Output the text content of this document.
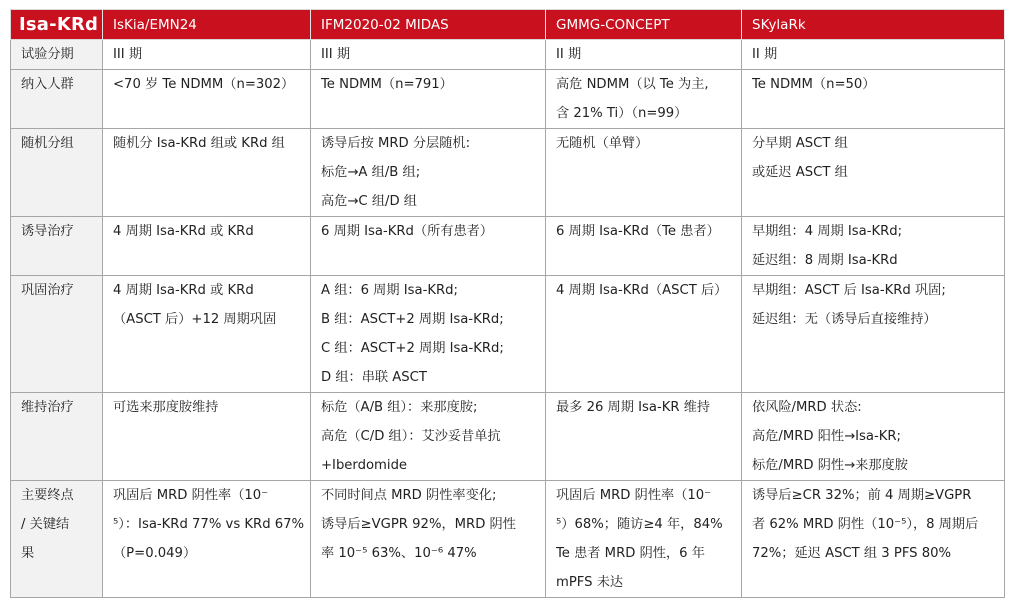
Isa-KRd	IsKia/EMN24	IFM2020-02 MIDAS	GMMG-CONCEPT	SKylaRk

试验分期	III 期	III 期	II 期	II 期

纳入人群	<70 岁 Te NDMM（n=302）	Te NDMM（n=791）	高危 NDMM（以 Te 为主,
含 21% Ti）（n=99）	Te NDMM（n=50）

随机分组	随机分 Isa-KRd 组或 KRd 组	诱导后按 MRD 分层随机:
标危→A 组/B 组;
高危→C 组/D 组	无随机（单臂）	分早期 ASCT 组
或延迟 ASCT 组

诱导治疗	4 周期 Isa-KRd 或 KRd	6 周期 Isa-KRd（所有患者）	6 周期 Isa-KRd（Te 患者）	早期组：4 周期 Isa-KRd;
延迟组：8 周期 Isa-KRd

巩固治疗	4 周期 Isa-KRd 或 KRd
（ASCT 后）+12 周期巩固	A 组：6 周期 Isa-KRd;
B 组：ASCT+2 周期 Isa-KRd;
C 组：ASCT+2 周期 Isa-KRd;
D 组：串联 ASCT	4 周期 Isa-KRd（ASCT 后）	早期组：ASCT 后 Isa-KRd 巩固;
延迟组：无（诱导后直接维持）

维持治疗	可选来那度胺维持	标危（A/B 组）：来那度胺;
高危（C/D 组）：艾沙妥昔单抗
+Iberdomide	最多 26 周期 Isa-KR 维持	依风险/MRD 状态:
高危/MRD 阳性→Isa-KR;
标危/MRD 阴性→来那度胺

主要终点
/ 关键结
果	巩固后 MRD 阴性率（10⁻
⁵）：Isa-KRd 77% vs KRd 67%
（P=0.049）	不同时间点 MRD 阴性率变化;
诱导后≥VGPR 92%，MRD 阴性
率 10⁻⁵ 63%、10⁻⁶ 47%	巩固后 MRD 阴性率（10⁻
⁵）68%；随访≥4 年，84%
Te 患者 MRD 阴性，6 年
mPFS 未达	诱导后≥CR 32%；前 4 周期≥VGPR
者 62% MRD 阴性（10⁻⁵），8 周期后
72%；延迟 ASCT 组 3 PFS 80%
